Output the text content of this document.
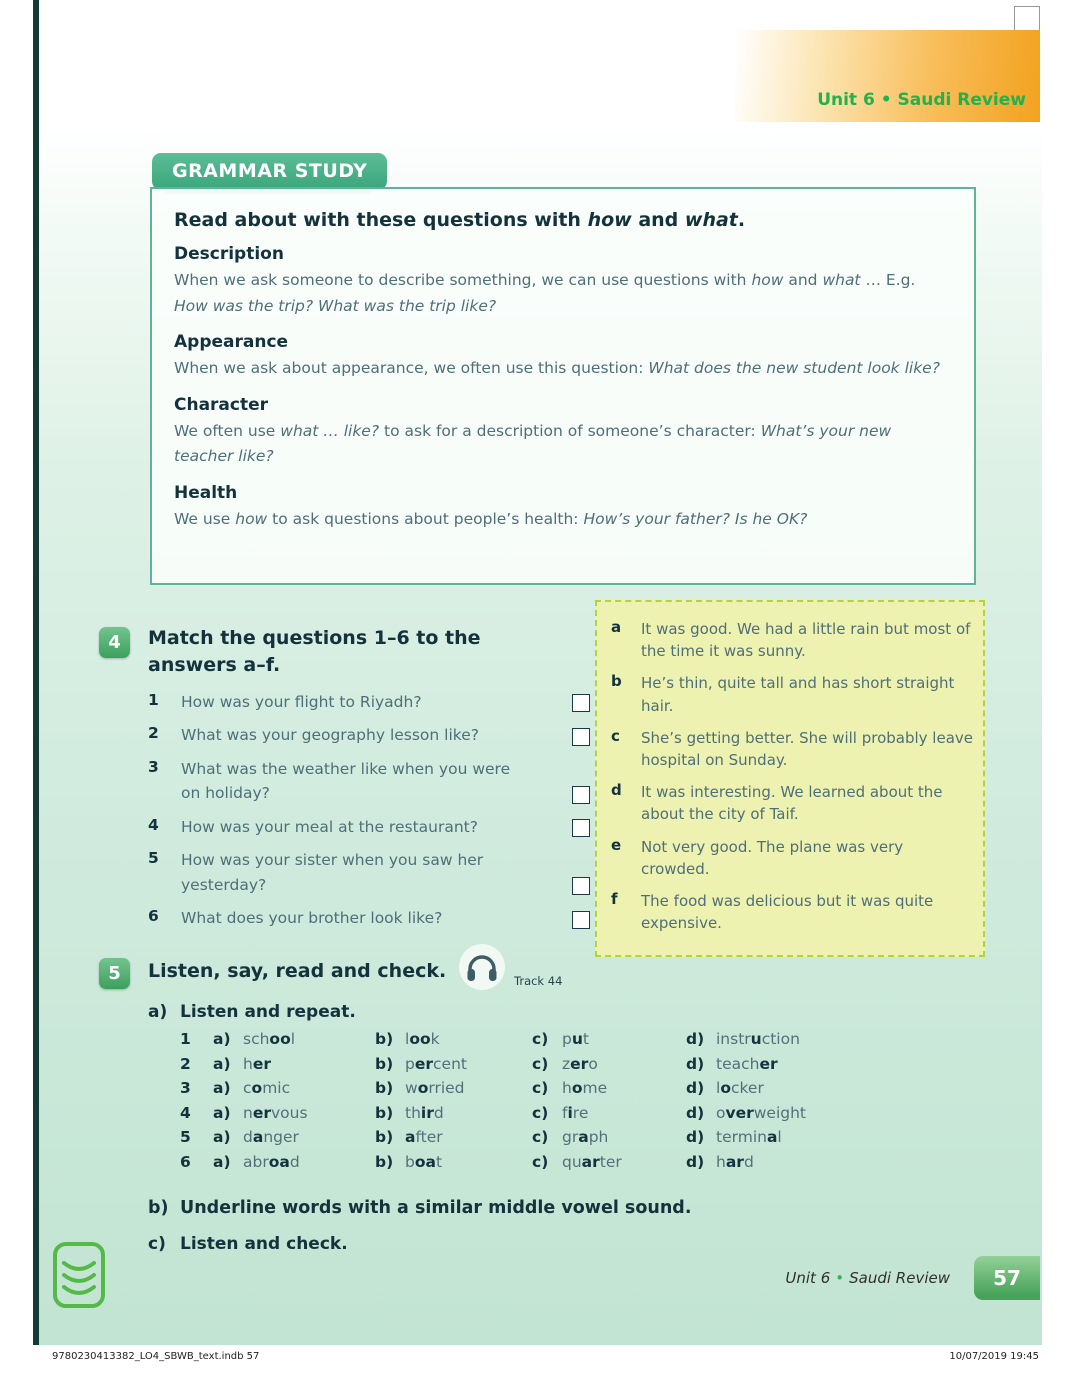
Unit 6 • Saudi Review
GRAMMAR STUDY
Read about with these questions with how and what.
Description
When we ask someone to describe something, we can use questions with how and what … E.g. How was the trip? What was the trip like?
Appearance
When we ask about appearance, we often use this question: What does the new student look like?
Character
We often use what … like? to ask for a description of someone’s character: What’s your new teacher like?
Health
We use how to ask questions about people’s health: How’s your father? Is he OK?
4	Match the questions 1–6 to the answers a–f.
1	How was your flight to Riyadh?
2	What was your geography lesson like?
3	What was the weather like when you were on holiday?
4	How was your meal at the restaurant?
5	How was your sister when you saw her yesterday?
6	What does your brother look like?
a	It was good. We had a little rain but most of the time it was sunny.
b	He’s thin, quite tall and has short straight hair.
c	She’s getting better. She will probably leave hospital on Sunday.
d	It was interesting. We learned about the about the city of Taif.
e	Not very good. The plane was very crowded.
f	The food was delicious but it was quite expensive.
5	Listen, say, read and check.	Track 44
a) Listen and repeat.
1	a) school	b) look	c) put	d) instruction
2	a) her	b) percent	c) zero	d) teacher
3	a) comic	b) worried	c) home	d) locker
4	a) nervous	b) third	c) fire	d) overweight
5	a) danger	b) after	c) graph	d) terminal
6	a) abroad	b) boat	c) quarter	d) hard
b) Underline words with a similar middle vowel sound.
c) Listen and check.
Unit 6 • Saudi Review	57
9780230413382_LO4_SBWB_text.indb 57	10/07/2019 19:45
